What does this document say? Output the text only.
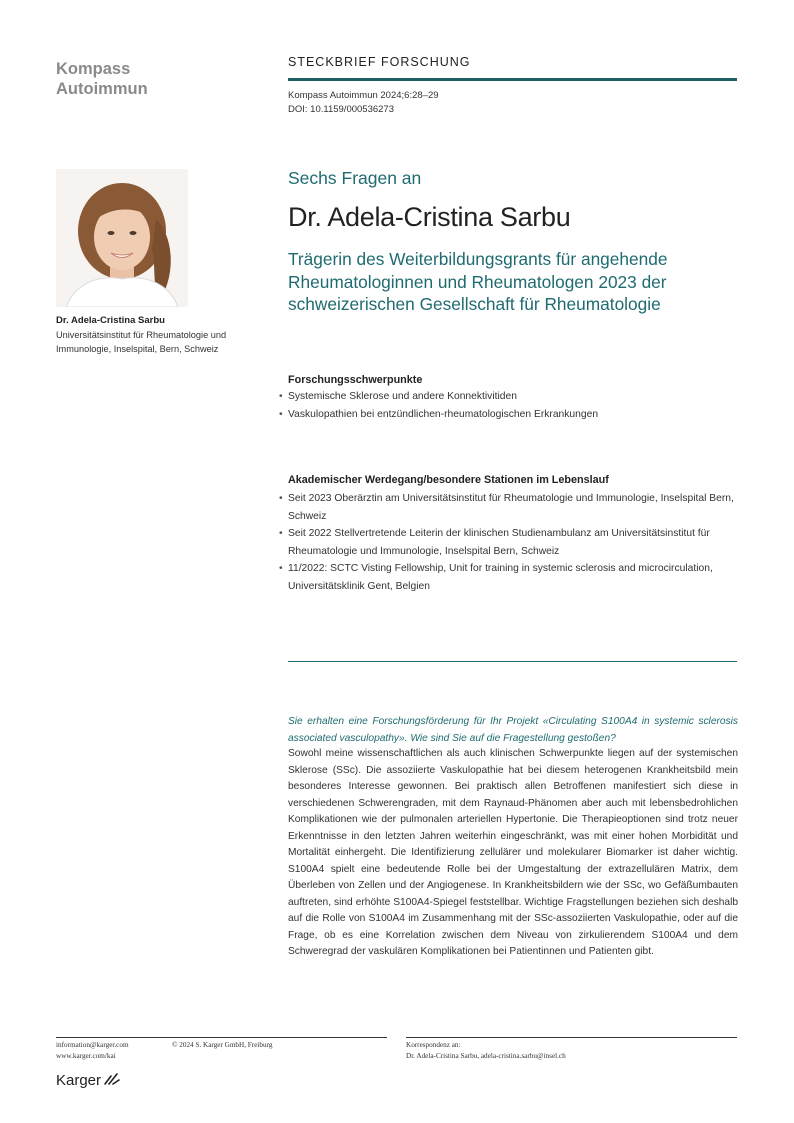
Kompass
Autoimmun
STECKBRIEF FORSCHUNG
Kompass Autoimmun 2024;6:28–29
DOI: 10.1159/000536273
Dr. Adela-Cristina Sarbu
Universitätsinstitut für Rheumatologie und Immunologie, Inselspital, Bern, Schweiz
Sechs Fragen an
Dr. Adela-Cristina Sarbu
Trägerin des Weiterbildungsgrants für angehende Rheumatologinnen und Rheumatologen 2023 der schweizerischen Gesellschaft für Rheumatologie
Forschungsschwerpunkte
• Systemische Sklerose und andere Konnektivitiden
• Vaskulopathien bei entzündlichen-rheumatologischen Erkrankungen
Akademischer Werdegang/besondere Stationen im Lebenslauf
• Seit 2023 Oberärztin am Universitätsinstitut für Rheumatologie und Immunologie, Inselspital Bern, Schweiz
• Seit 2022 Stellvertretende Leiterin der klinischen Studienambulanz am Universitätsinstitut für Rheumatologie und Immunologie, Inselspital Bern, Schweiz
• 11/2022: SCTC Visting Fellowship, Unit for training in systemic sclerosis and microcirculation, Universitätsklinik Gent, Belgien
Sie erhalten eine Forschungsförderung für Ihr Projekt «Circulating S100A4 in systemic sclerosis associated vasculopathy». Wie sind Sie auf die Fragestellung gestoßen?
Sowohl meine wissenschaftlichen als auch klinischen Schwerpunkte liegen auf der systemischen Sklerose (SSc). Die assoziierte Vaskulopathie hat bei diesem heterogenen Krankheitsbild mein besonderes Interesse gewonnen. Bei praktisch allen Betroffenen manifestiert sich diese in verschiedenen Schwerengraden, mit dem Raynaud-Phänomen aber auch mit lebensbedrohlichen Komplikationen wie der pulmonalen arteriellen Hypertonie. Die Therapieoptionen sind trotz neuer Erkenntnisse in den letzten Jahren weiterhin eingeschränkt, was mit einer hohen Morbidität und Mortalität einhergeht. Die Identifizierung zellulärer und molekularer Biomarker ist daher wichtig. S100A4 spielt eine bedeutende Rolle bei der Umgestaltung der extrazellulären Matrix, dem Überleben von Zellen und der Angiogenese. In Krankheitsbildern wie der SSc, wo Gefäßumbauten auftreten, sind erhöhte S100A4-Spiegel feststellbar. Wichtige Fragstellungen beziehen sich deshalb auf die Rolle von S100A4 im Zusammenhang mit der SSc-assoziierten Vaskulopathie, oder auf die Frage, ob es eine Korrelation zwischen dem Niveau von zirkulierendem S100A4 und dem Schweregrad der vaskulären Komplikationen bei Patientinnen und Patienten gibt.
information@karger.com
www.karger.com/kai
© 2024 S. Karger GmbH, Freiburg	Korrespondenz an:
Dr. Adela-Cristina Sarbu, adela-cristina.sarbu@insel.ch
Karger
